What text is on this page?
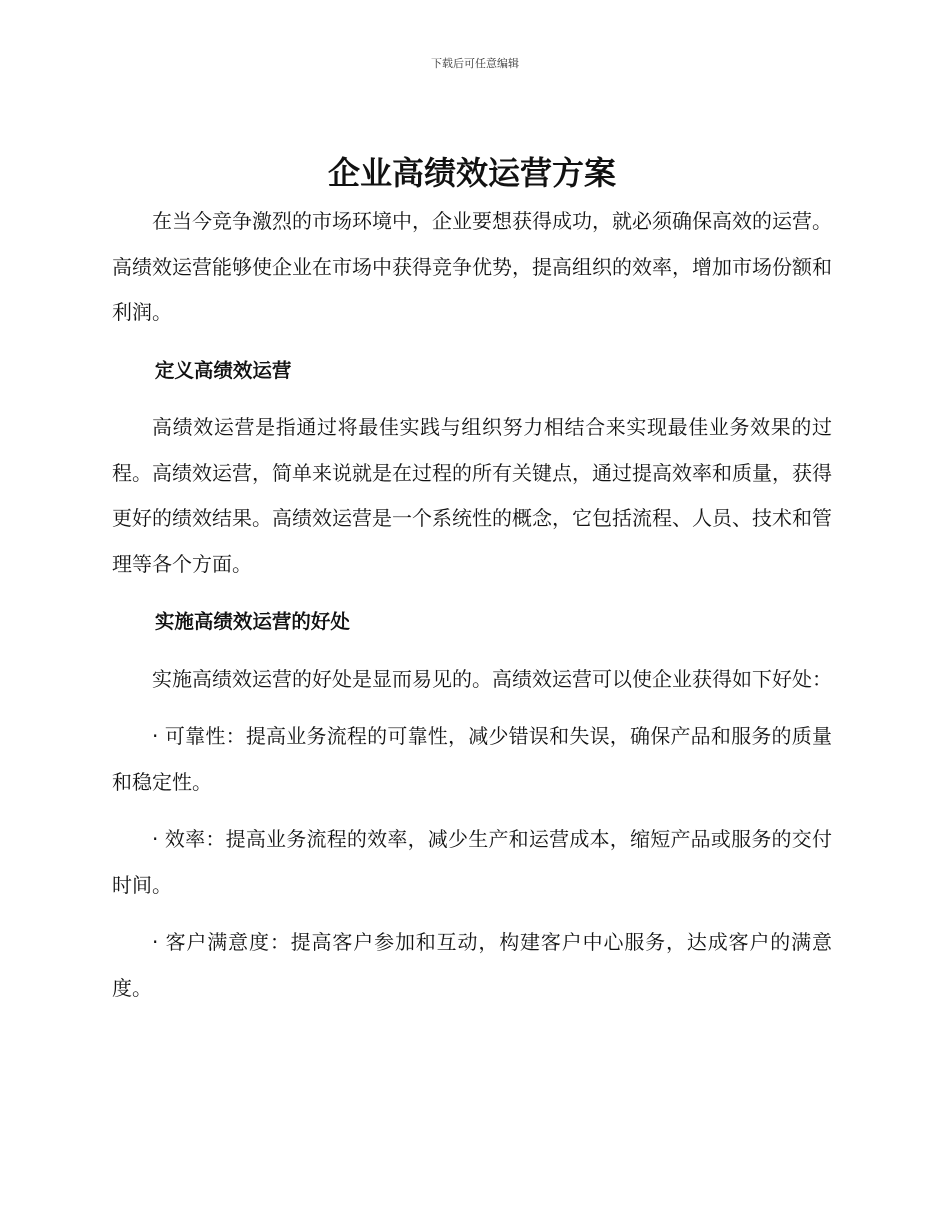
下载后可任意编辑
企业高绩效运营方案

在当今竞争激烈的市场环境中，企业要想获得成功，就必须确保高效的运营。高绩效运营能够使企业在市场中获得竞争优势，提高组织的效率，增加市场份额和利润。

定义高绩效运营

高绩效运营是指通过将最佳实践与组织努力相结合来实现最佳业务效果的过程。高绩效运营，简单来说就是在过程的所有关键点，通过提高效率和质量，获得更好的绩效结果。高绩效运营是一个系统性的概念，它包括流程、人员、技术和管理等各个方面。

实施高绩效运营的好处

实施高绩效运营的好处是显而易见的。高绩效运营可以使企业获得如下好处：

· 可靠性：提高业务流程的可靠性，减少错误和失误，确保产品和服务的质量和稳定性。

· 效率：提高业务流程的效率，减少生产和运营成本，缩短产品或服务的交付时间。

· 客户满意度：提高客户参加和互动，构建客户中心服务，达成客户的满意度。
